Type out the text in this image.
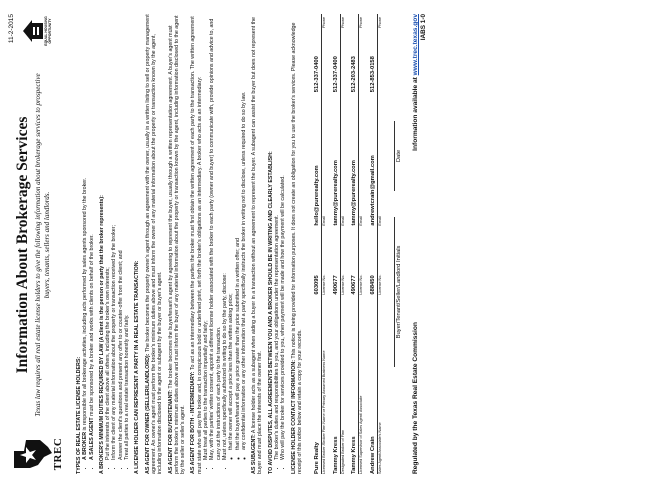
TREC
Information About Brokerage Services Texas law requires all real estate license holders to give the following information about brokerage services to prospective buyers, tenants, sellers and landlords.
11-2-2015	EQUAL HOUSING OPPORTUNITY
TYPES OF REAL ESTATE LICENSE HOLDERS: • A BROKER is responsible for all brokerage activities, including acts performed by sales agents sponsored by the broker.
• A SALES AGENT must be sponsored by a broker and works with clients on behalf of the broker. A BROKER'S MINIMUM DUTIES REQUIRED BY LAW (A client is the person or party that the broker represents): • Put the interests of the client above all others, including the broker's own interests; • Inform the client of any material information about the property or transaction received by the broker; • Answer the client's questions and present any offer to or counter-offer from the client; and • Treat all parties to a real estate transaction honestly and fairly. A LICENSE HOLDER CAN REPRESENT A PARTY IN A REAL ESTATE TRANSACTION: AS AGENT FOR OWNER (SELLER/LANDLORD): The broker becomes the property owner's agent through an agreement with the owner, usually in a written listing to sell or property management agreement. An owner's agent must perform the broker's minimum duties above and must inform the owner of any material information about the property or transaction known by the agent, including information disclosed to the agent or subagent by the buyer or buyer's agent. AS AGENT FOR BUYER/TENANT: The broker becomes the buyer/tenant's agent by agreeing to represent the buyer, usually through a written representation agreement. A buyer's agent must perform the broker's minimum duties above and must inform the buyer of any material information about the property or transaction known by the agent, including information disclosed to the agent by the seller or seller's agent. AS AGENT FOR BOTH - INTERMEDIARY: To act as an intermediary between the parties the broker must first obtain the written agreement of each party to the transaction. The written agreement must state who will pay the broker and, in conspicuous bold or underlined print, set forth the broker's obligations as an intermediary. A broker who acts as an intermediary: • Must treat all parties to the transaction impartially and fairly; • May, with the parties' written consent, appoint a different license holder associated with the broker to each party (owner and buyer) to communicate with, provide opinions and advice to, and carry out the instructions of each party to the transaction. • Must not, unless specifically authorized in writing to do so by the party, disclose: ◦ that the owner will accept a price less than the written asking price; ◦ that the buyer/tenant will pay a price greater than the price submitted in a written offer; and ◦ any confidential information or any other information that a party specifically instructs the broker in writing not to disclose, unless required to do so by law.
AS SUBAGENT: A license holder acts as a subagent when aiding a buyer in a transaction without an agreement to represent the buyer. A subagent can assist the buyer but does not represent the buyer and must place the interests of the owner first. TO AVOID DISPUTES, ALL AGREEMENTS BETWEEN YOU AND A BROKER SHOULD BE IN WRITING AND CLEARLY ESTABLISH: • The broker's duties and responsibilities to you, and your obligations under the representation agreement. • Who will pay the broker for services provided to you, when payment will be made and how the payment will be calculated. LICENSE HOLDER CONTACT INFORMATION: This notice is being provided for information purposes. It does not create an obligation for you to use the broker's services. Please acknowledge receipt of this notice below and retain a copy for your records. Pure Realty	603095	hello@purerealty.com	512-337-0400
Licensed Broker /Broker Firm Name or Primary Assumed Business Name	License No.	Email	Phone
Tammy Kress	490677	tammy@purerealty.com	512-337-0400
Designated Broker of Firm	License No.	Email	Phone
Tammy Kress	490677	tammy@purerealty.com	512-203-2483
Licensed Supervisor of Sales Agent/ Associate	License No.	Email	Phone
Andrew Crain	688450	andrewtcrain@gmail.com	512-853-0158
Sales Agent/Associate's Name	License No.	Email	Phone
Buyer/Tenant/Seller/Landlord Initials
Date
Regulated by the Texas Real Estate Commission
Information available at www.trec.texas.gov IABS 1-0
